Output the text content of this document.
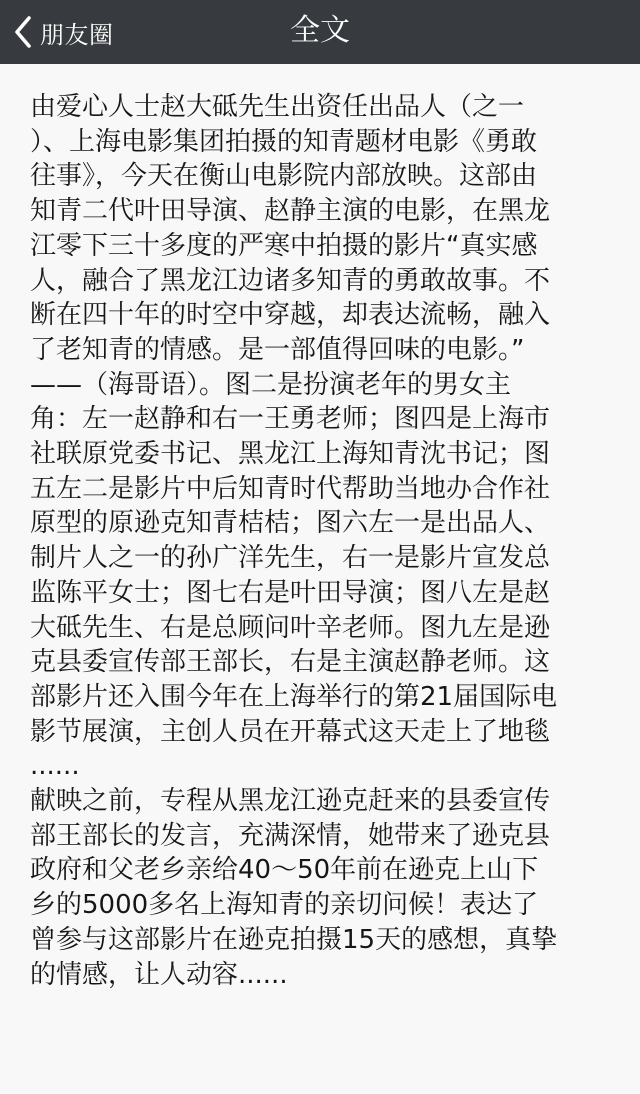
朋友圈	全文

由爱心人士赵大砥先生出资任出品人（之一
）、上海电影集团拍摄的知青题材电影《勇敢
往事》，今天在衡山电影院内部放映。这部由
知青二代叶田导演、赵静主演的电影，在黑龙
江零下三十多度的严寒中拍摄的影片“真实感
人，融合了黑龙江边诸多知青的勇敢故事。不
断在四十年的时空中穿越，却表达流畅，融入
了老知青的情感。是一部值得回味的电影。”
——（海哥语）。图二是扮演老年的男女主
角：左一赵静和右一王勇老师；图四是上海市
社联原党委书记、黑龙江上海知青沈书记；图
五左二是影片中后知青时代帮助当地办合作社
原型的原逊克知青桔桔；图六左一是出品人、
制片人之一的孙广洋先生，右一是影片宣发总
监陈平女士；图七右是叶田导演；图八左是赵
大砥先生、右是总顾问叶辛老师。图九左是逊
克县委宣传部王部长，右是主演赵静老师。这
部影片还入围今年在上海举行的第21届国际电
影节展演，主创人员在开幕式这天走上了地毯
......

献映之前，专程从黑龙江逊克赶来的县委宣传
部王部长的发言，充满深情，她带来了逊克县
政府和父老乡亲给40～50年前在逊克上山下
乡的5000多名上海知青的亲切问候！表达了
曾参与这部影片在逊克拍摄15天的感想，真挚
的情感，让人动容......
